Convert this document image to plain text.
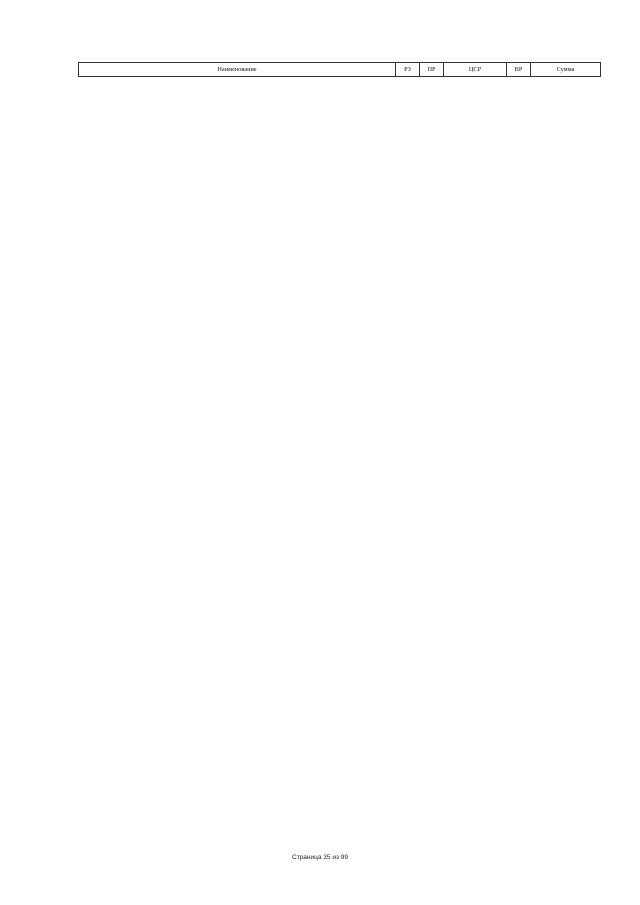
Наименование	РЗ	ПР	ЦСР	ВР	Сумма
Страница 35 из 99
